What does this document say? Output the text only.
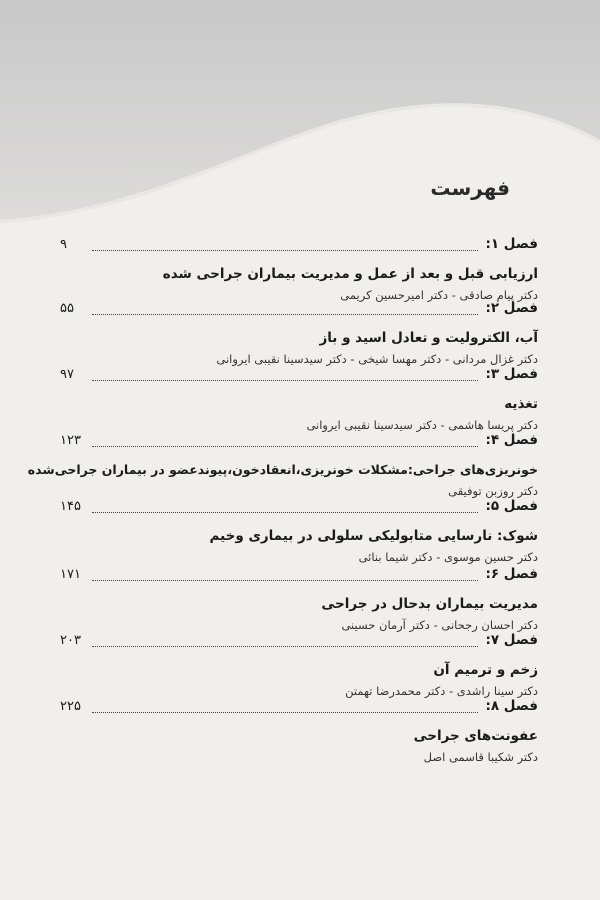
فهرست
فصل ۱:
۹
ارزیابی قبل و بعد از عمل و مدیریت بیماران جراحی شده
دکتر پیام صادقی - دکتر امیرحسین کریمی
فصل ۲:
۵۵
آب، الکترولیت و تعادل اسید و باز
دکتر غزال مردانی - دکتر مهسا شیخی - دکتر سیدسینا نقیبی ایروانی
فصل ۳:
۹۷
تغذیه
دکتر پریسا هاشمی - دکتر سیدسینا نقیبی ایروانی
فصل ۴:
۱۲۳
خونریزی‌های جراحی:مشکلات خونریزی،انعقادخون،پیوندعضو در بیماران جراحی‌شده
دکتر روزبن توفیقی
فصل ۵:
۱۴۵
شوک: نارسایی متابولیکی سلولی در بیماری وخیم
دکتر حسین موسوی - دکتر شیما بنائی
فصل ۶:
۱۷۱
مدیریت بیماران بدحال در جراحی
دکتر احسان رجحانی - دکتر آرمان حسینی
فصل ۷:
۲۰۳
زخم و ترمیم آن
دکتر سینا راشدی - دکتر محمدرضا تهمتن
فصل ۸:
۲۲۵
عفونت‌های جراحی
دکتر شکیبا قاسمی اصل
